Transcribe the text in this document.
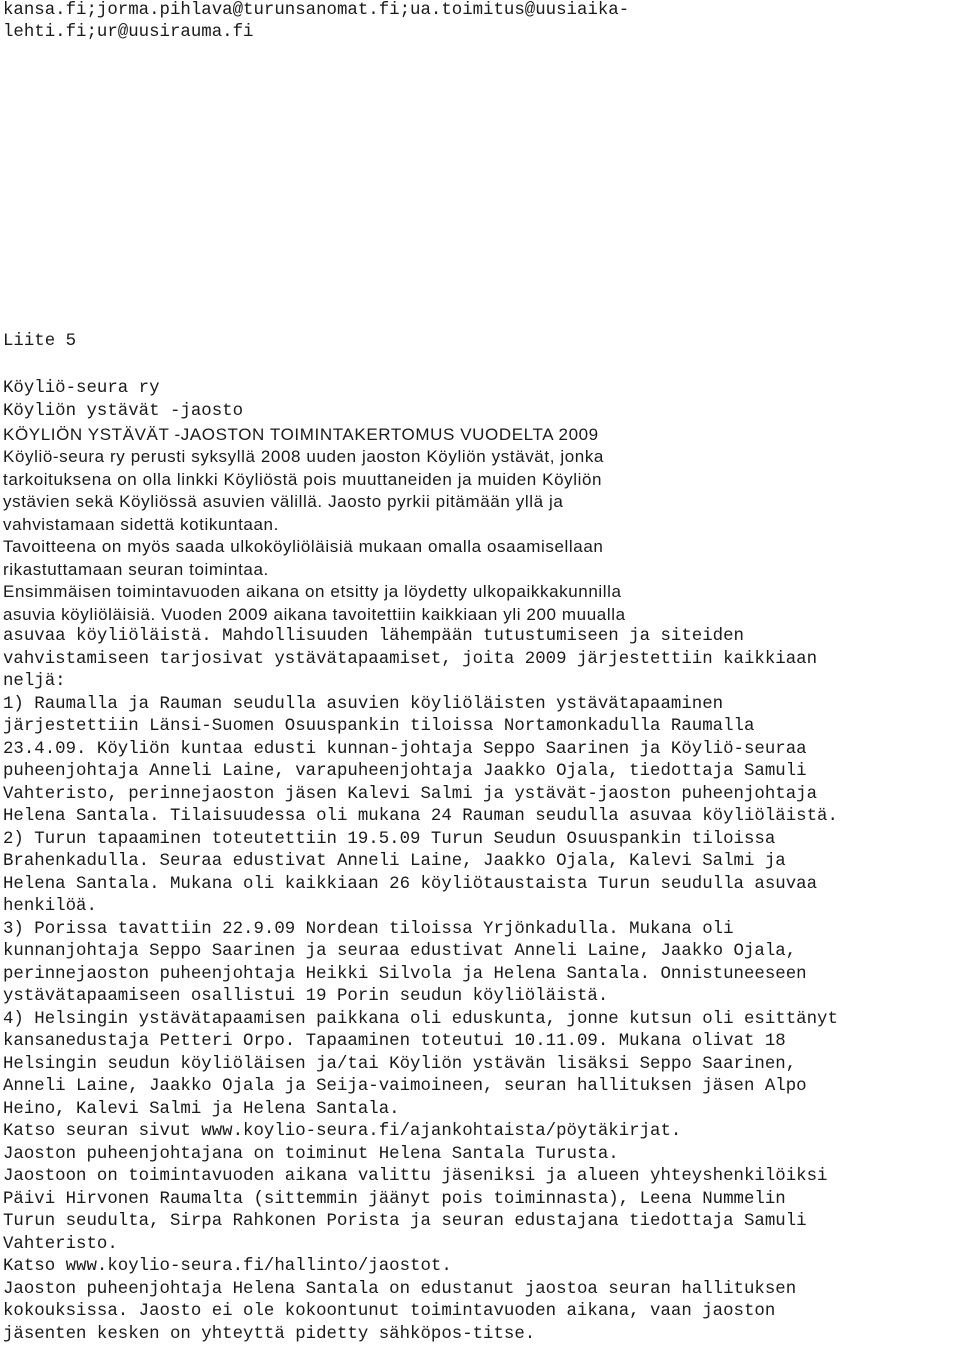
kansa.fi;jorma.pihlava@turunsanomat.fi;ua.toimitus@uusiaika-
lehti.fi;ur@uusirauma.fi
Liite 5
Köyliö-seura ry
Köyliön ystävät -jaosto
KÖYLIÖN YSTÄVÄT -JAOSTON TOIMINTAKERTOMUS VUODELTA 2009
Köyliö-seura ry perusti syksyllä 2008 uuden jaoston Köyliön ystävät, jonka
tarkoituksena on olla linkki Köyliöstä pois muuttaneiden ja muiden Köyliön
ystävien sekä Köyliössä asuvien välillä. Jaosto pyrkii pitämään yllä ja
vahvistamaan sidettä kotikuntaan.
Tavoitteena on myös saada ulkoköyliöläisiä mukaan omalla osaamisellaan
rikastuttamaan seuran toimintaa.
Ensimmäisen toimintavuoden aikana on etsitty ja löydetty ulkopaikkakunnilla
asuvia köyliöläisiä. Vuoden 2009 aikana tavoitettiin kaikkiaan yli 200 muualla
asuvaa köyliöläistä. Mahdollisuuden lähempään tutustumiseen ja siteiden
vahvistamiseen tarjosivat ystävätapaamiset, joita 2009 järjestettiin kaikkiaan
neljä:
1) Raumalla ja Rauman seudulla asuvien köyliöläisten ystävätapaaminen
järjestettiin Länsi-Suomen Osuuspankin tiloissa Nortamonkadulla Raumalla
23.4.09. Köyliön kuntaa edusti kunnan-johtaja Seppo Saarinen ja Köyliö-seuraa
puheenjohtaja Anneli Laine, varapuheenjohtaja Jaakko Ojala, tiedottaja Samuli
Vahteristo, perinnejaoston jäsen Kalevi Salmi ja ystävät-jaoston puheenjohtaja
Helena Santala. Tilaisuudessa oli mukana 24 Rauman seudulla asuvaa köyliöläistä.
2) Turun tapaaminen toteutettiin 19.5.09 Turun Seudun Osuuspankin tiloissa
Brahenkadulla. Seuraa edustivat Anneli Laine, Jaakko Ojala, Kalevi Salmi ja
Helena Santala. Mukana oli kaikkiaan 26 köyliötaustaista Turun seudulla asuvaa
henkilöä.
3) Porissa tavattiin 22.9.09 Nordean tiloissa Yrjönkadulla. Mukana oli
kunnanjohtaja Seppo Saarinen ja seuraa edustivat Anneli Laine, Jaakko Ojala,
perinnejaoston puheenjohtaja Heikki Silvola ja Helena Santala. Onnistuneeseen
ystävätapaamiseen osallistui 19 Porin seudun köyliöläistä.
4) Helsingin ystävätapaamisen paikkana oli eduskunta, jonne kutsun oli esittänyt
kansanedustaja Petteri Orpo. Tapaaminen toteutui 10.11.09. Mukana olivat 18
Helsingin seudun köyliöläisen ja/tai Köyliön ystävän lisäksi Seppo Saarinen,
Anneli Laine, Jaakko Ojala ja Seija-vaimoineen, seuran hallituksen jäsen Alpo
Heino, Kalevi Salmi ja Helena Santala.
Katso seuran sivut www.koylio-seura.fi/ajankohtaista/pöytäkirjat.
Jaoston puheenjohtajana on toiminut Helena Santala Turusta.
Jaostoon on toimintavuoden aikana valittu jäseniksi ja alueen yhteyshenkilöiksi
Päivi Hirvonen Raumalta (sittemmin jäänyt pois toiminnasta), Leena Nummelin
Turun seudulta, Sirpa Rahkonen Porista ja seuran edustajana tiedottaja Samuli
Vahteristo.
Katso www.koylio-seura.fi/hallinto/jaostot.
Jaoston puheenjohtaja Helena Santala on edustanut jaostoa seuran hallituksen
kokouksissa. Jaosto ei ole kokoontunut toimintavuoden aikana, vaan jaoston
jäsenten kesken on yhteyttä pidetty sähköpos-titse.
